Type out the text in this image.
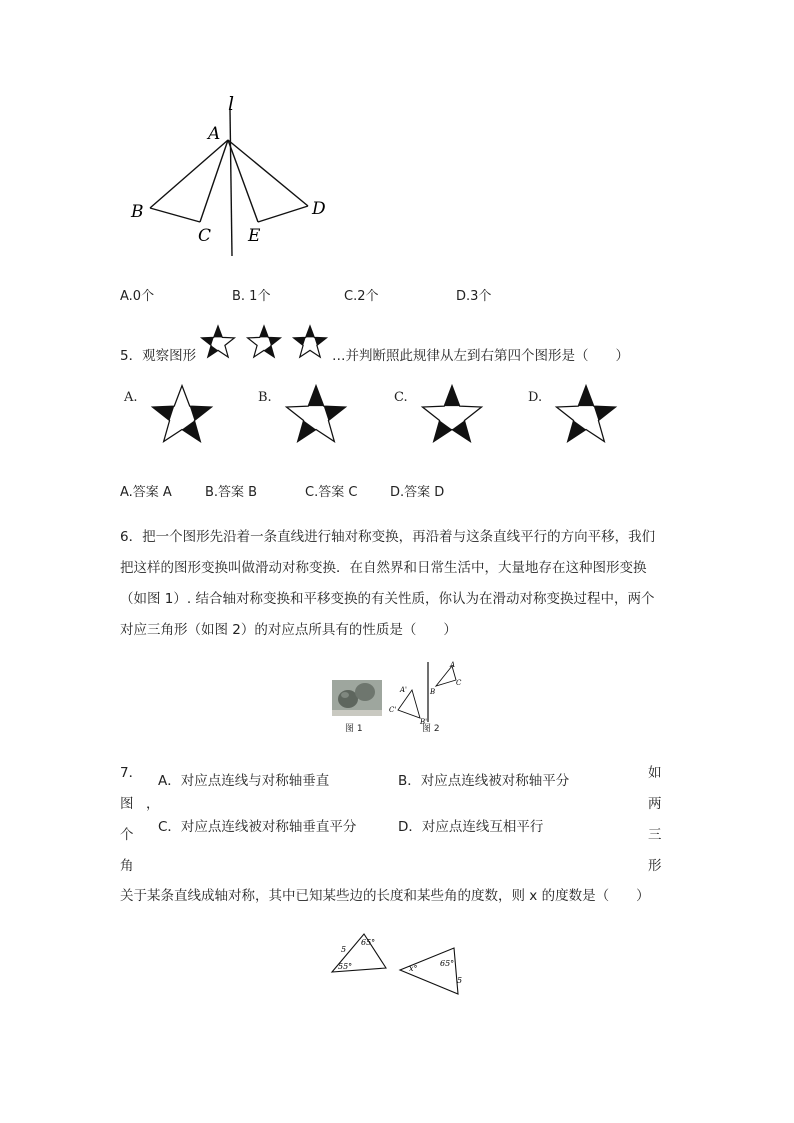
l
A
B
C
D
E
A.0个	B. 1个	C.2个	D.3个
5．观察图形	…并判断照此规律从左到右第四个图形是（　　）
A.	B.	C.	D.
A.答案 A	B.答案 B	C.答案 C	D.答案 D
6．把一个图形先沿着一条直线进行轴对称变换，再沿着与这条直线平行的方向平移，我们
把这样的图形变换叫做滑动对称变换．在自然界和日常生活中，大量地存在这种图形变换
（如图 1）. 结合轴对称变换和平移变换的有关性质，你认为在滑动对称变换过程中，两个
对应三角形（如图 2）的对应点所具有的性质是（　　）
图 1
A
B
C
A'
C'
B'
图 2
7．
图 ，
个
角
A．对应点连线与对称轴垂直	B．对应点连线被对称轴平分
C．对应点连线被对称轴垂直平分	D．对应点连线互相平行
如
两
三
形
关于某条直线成轴对称，其中已知某些边的长度和某些角的度数，则 x 的度数是（　　）
5
65°
55°	x°
65°
5
